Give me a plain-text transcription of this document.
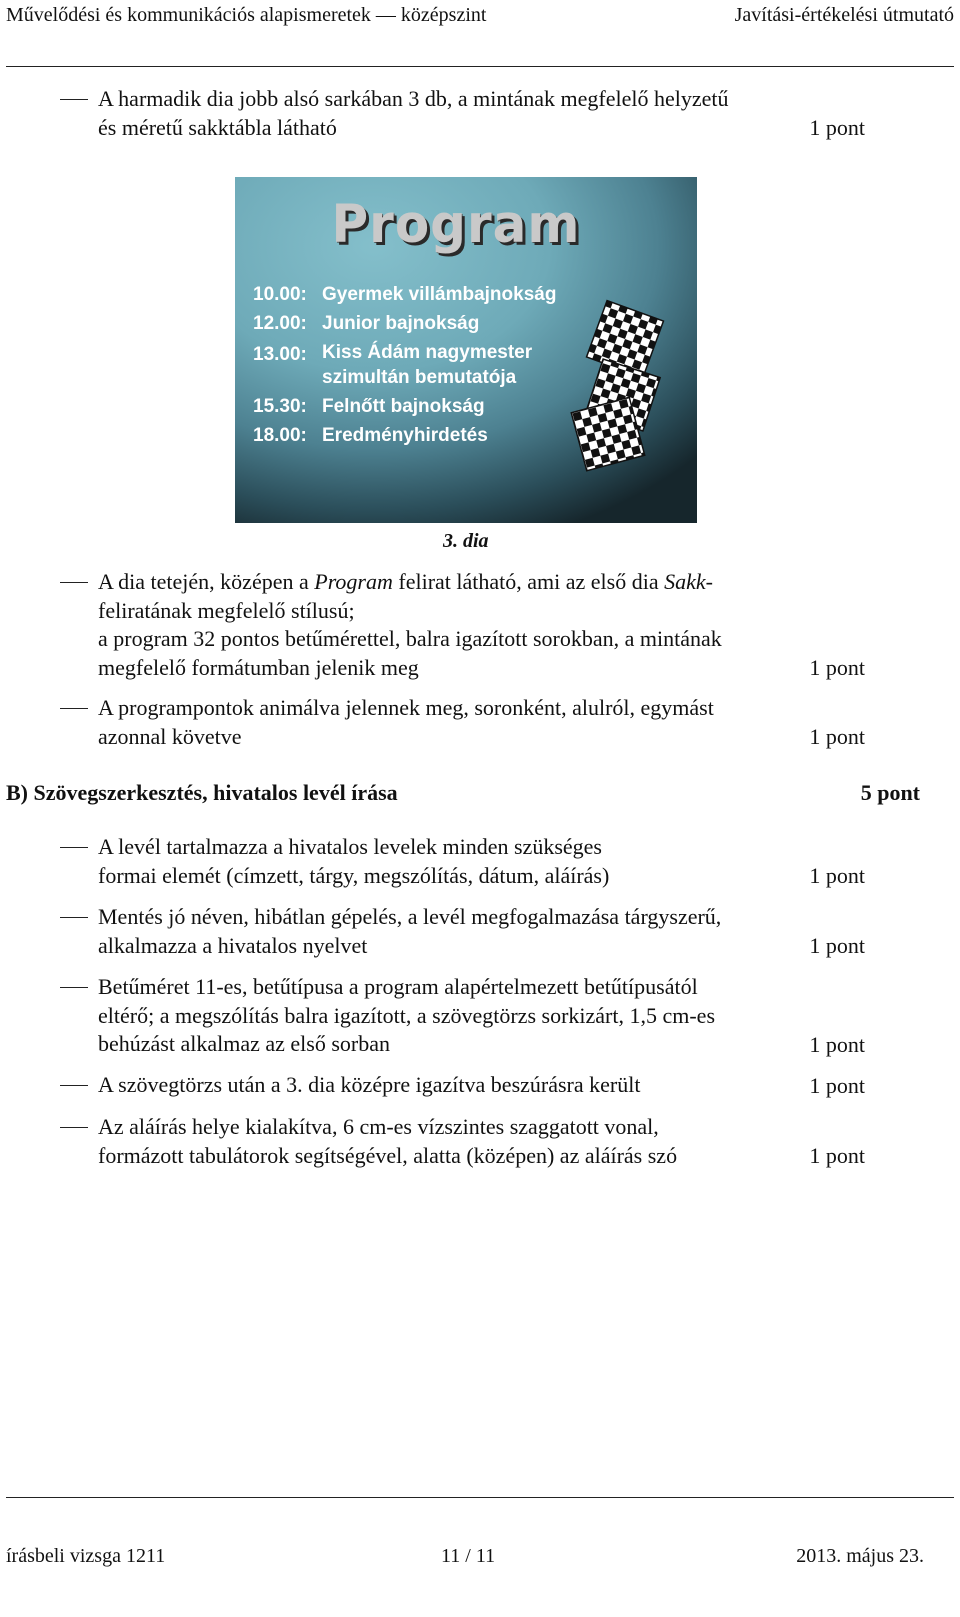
Művelődési és kommunikációs alapismeretek — középszint	Javítási-értékelési útmutató
A harmadik dia jobb alsó sarkában 3 db, a mintának megfelelő helyzetű
és méretű sakktábla látható	1 pont
Program
10.00: Gyermek villámbajnokság
12.00: Junior bajnokság
13.00: Kiss Ádám nagymester
szimultán bemutatója
15.30: Felnőtt bajnokság
18.00: Eredményhirdetés
3. dia
A dia tetején, középen a Program felirat látható, ami az első dia Sakk-
feliratának megfelelő stílusú;
a program 32 pontos betűmérettel, balra igazított sorokban, a mintának
megfelelő formátumban jelenik meg	1 pont
A programpontok animálva jelennek meg, soronként, alulról, egymást
azonnal követve	1 pont
B) Szövegszerkesztés, hivatalos levél írása	5 pont
A levél tartalmazza a hivatalos levelek minden szükséges
formai elemét (címzett, tárgy, megszólítás, dátum, aláírás)	1 pont
Mentés jó néven, hibátlan gépelés, a levél megfogalmazása tárgyszerű,
alkalmazza a hivatalos nyelvet	1 pont
Betűméret 11-es, betűtípusa a program alapértelmezett betűtípusától
eltérő; a megszólítás balra igazított, a szövegtörzs sorkizárt, 1,5 cm-es
behúzást alkalmaz az első sorban	1 pont
A szövegtörzs után a 3. dia középre igazítva beszúrásra került	1 pont
Az aláírás helye kialakítva, 6 cm-es vízszintes szaggatott vonal,
formázott tabulátorok segítségével, alatta (középen) az aláírás szó	1 pont
írásbeli vizsga 1211	11 / 11	2013. május 23.
